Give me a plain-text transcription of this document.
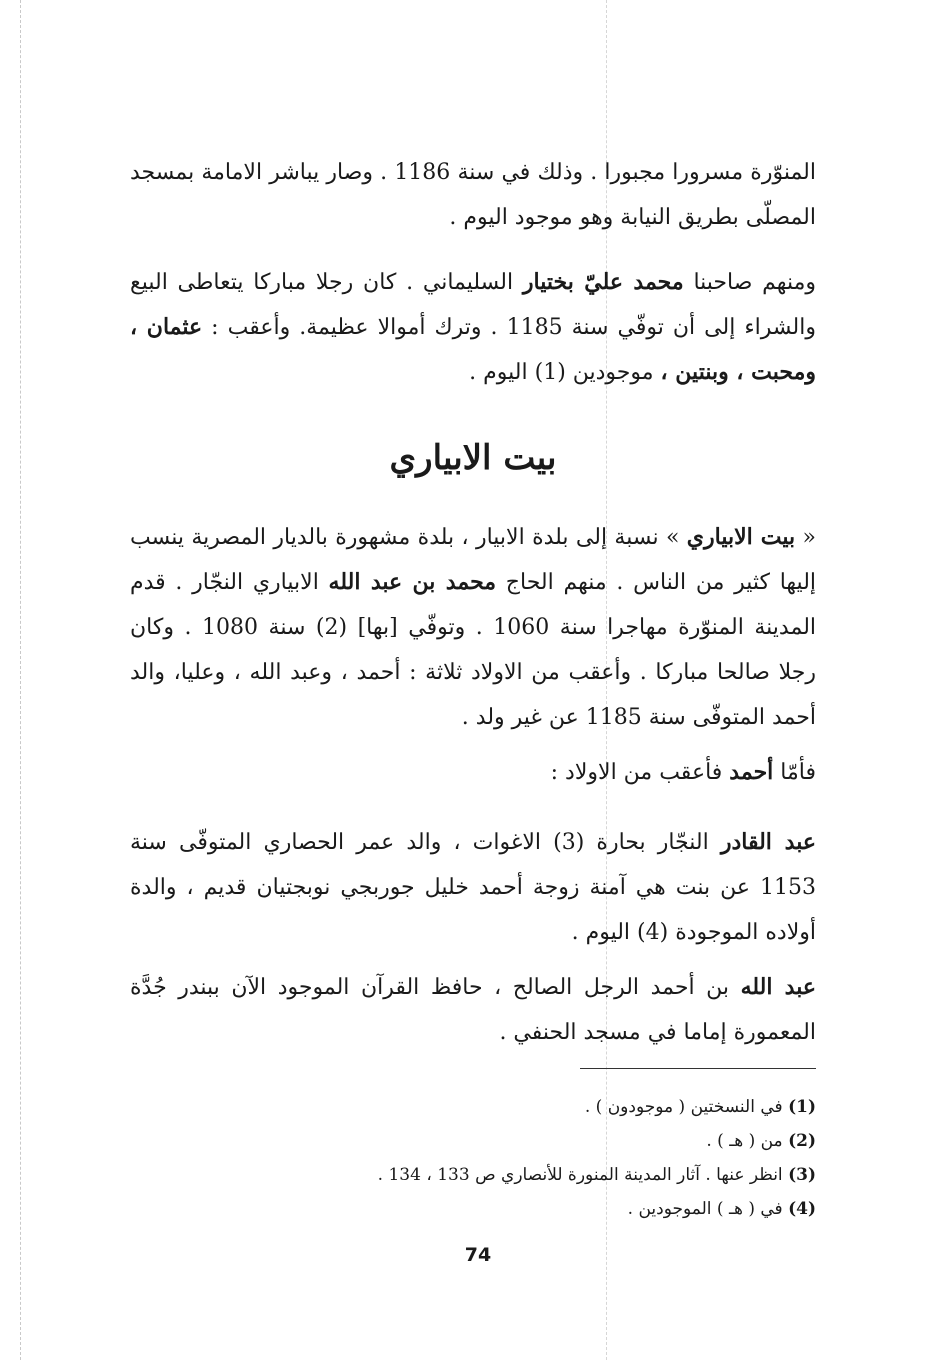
المنوّرة مسرورا مجبورا . وذلك في سنة 1186 . وصار يباشر الامامة بمسجد المصلّى بطريق النيابة وهو موجود اليوم .

ومنهم صاحبنا محمد عليّ بختيار السليماني . كان رجلا مباركا يتعاطى البيع والشراء إلى أن توفّي سنة 1185 . وترك أموالا عظيمة. وأعقب : عثمان ، ومحبت ، وبنتين ، موجودين (1) اليوم .

بيت الابياري

« بيت الابياري » نسبة إلى بلدة الابيار ، بلدة مشهورة بالديار المصرية ينسب إليها كثير من الناس . منهم الحاج محمد بن عبد الله الابياري النجّار . قدم المدينة المنوّرة مهاجرا سنة 1060 . وتوفّي [بها] (2) سنة 1080 . وكان رجلا صالحا مباركا . وأعقب من الاولاد ثلاثة : أحمد ، وعبد الله ، وعليا، والد أحمد المتوفّى سنة 1185 عن غير ولد .

فأمّا أحمد فأعقب من الاولاد :

عبد القادر النجّار بحارة (3) الاغوات ، والد عمر الحصاري المتوفّى سنة 1153 عن بنت هي آمنة زوجة أحمد خليل جوربجي نوبجتيان قديم ، والدة أولاده الموجودة (4) اليوم .

عبد الله بن أحمد الرجل الصالح ، حافظ القرآن الموجود الآن ببندر جُدَّة المعمورة إماما في مسجد الحنفي .

(1) في النسختين ( موجودون ) .
(2) من ( هـ ) .
(3) انظر عنها . آثار المدينة المنورة للأنصاري ص 133 ، 134 .
(4) في ( هـ ) الموجودين .
74
